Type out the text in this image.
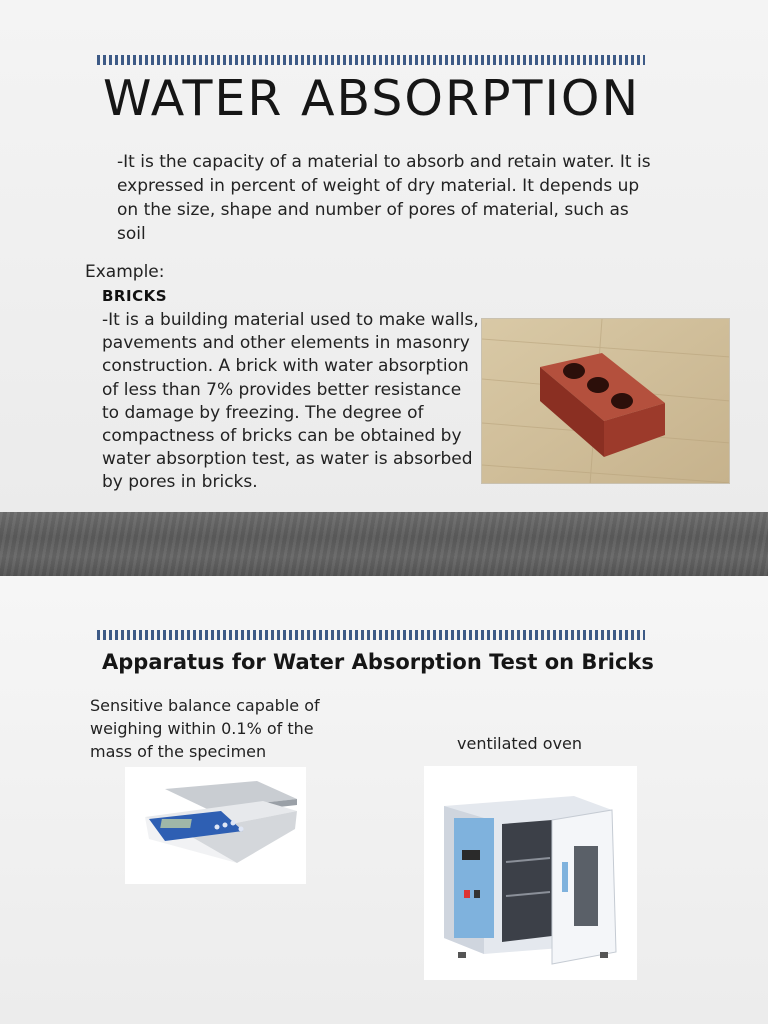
WATER ABSORPTION

-It is the capacity of a material to absorb and retain water. It is expressed in percent of weight of dry material. It depends up on the size, shape and number of pores of material, such as soil

Example:
BRICKS

-It is a building material used to make walls, pavements and other elements in masonry construction. A brick with water absorption of less than 7% provides better resistance to damage by freezing. The degree of compactness of bricks can be obtained by water absorption test, as water is absorbed by pores in bricks.

Apparatus for Water Absorption Test on Bricks

Sensitive balance capable of weighing within 0.1% of the mass of the specimen	ventilated oven
